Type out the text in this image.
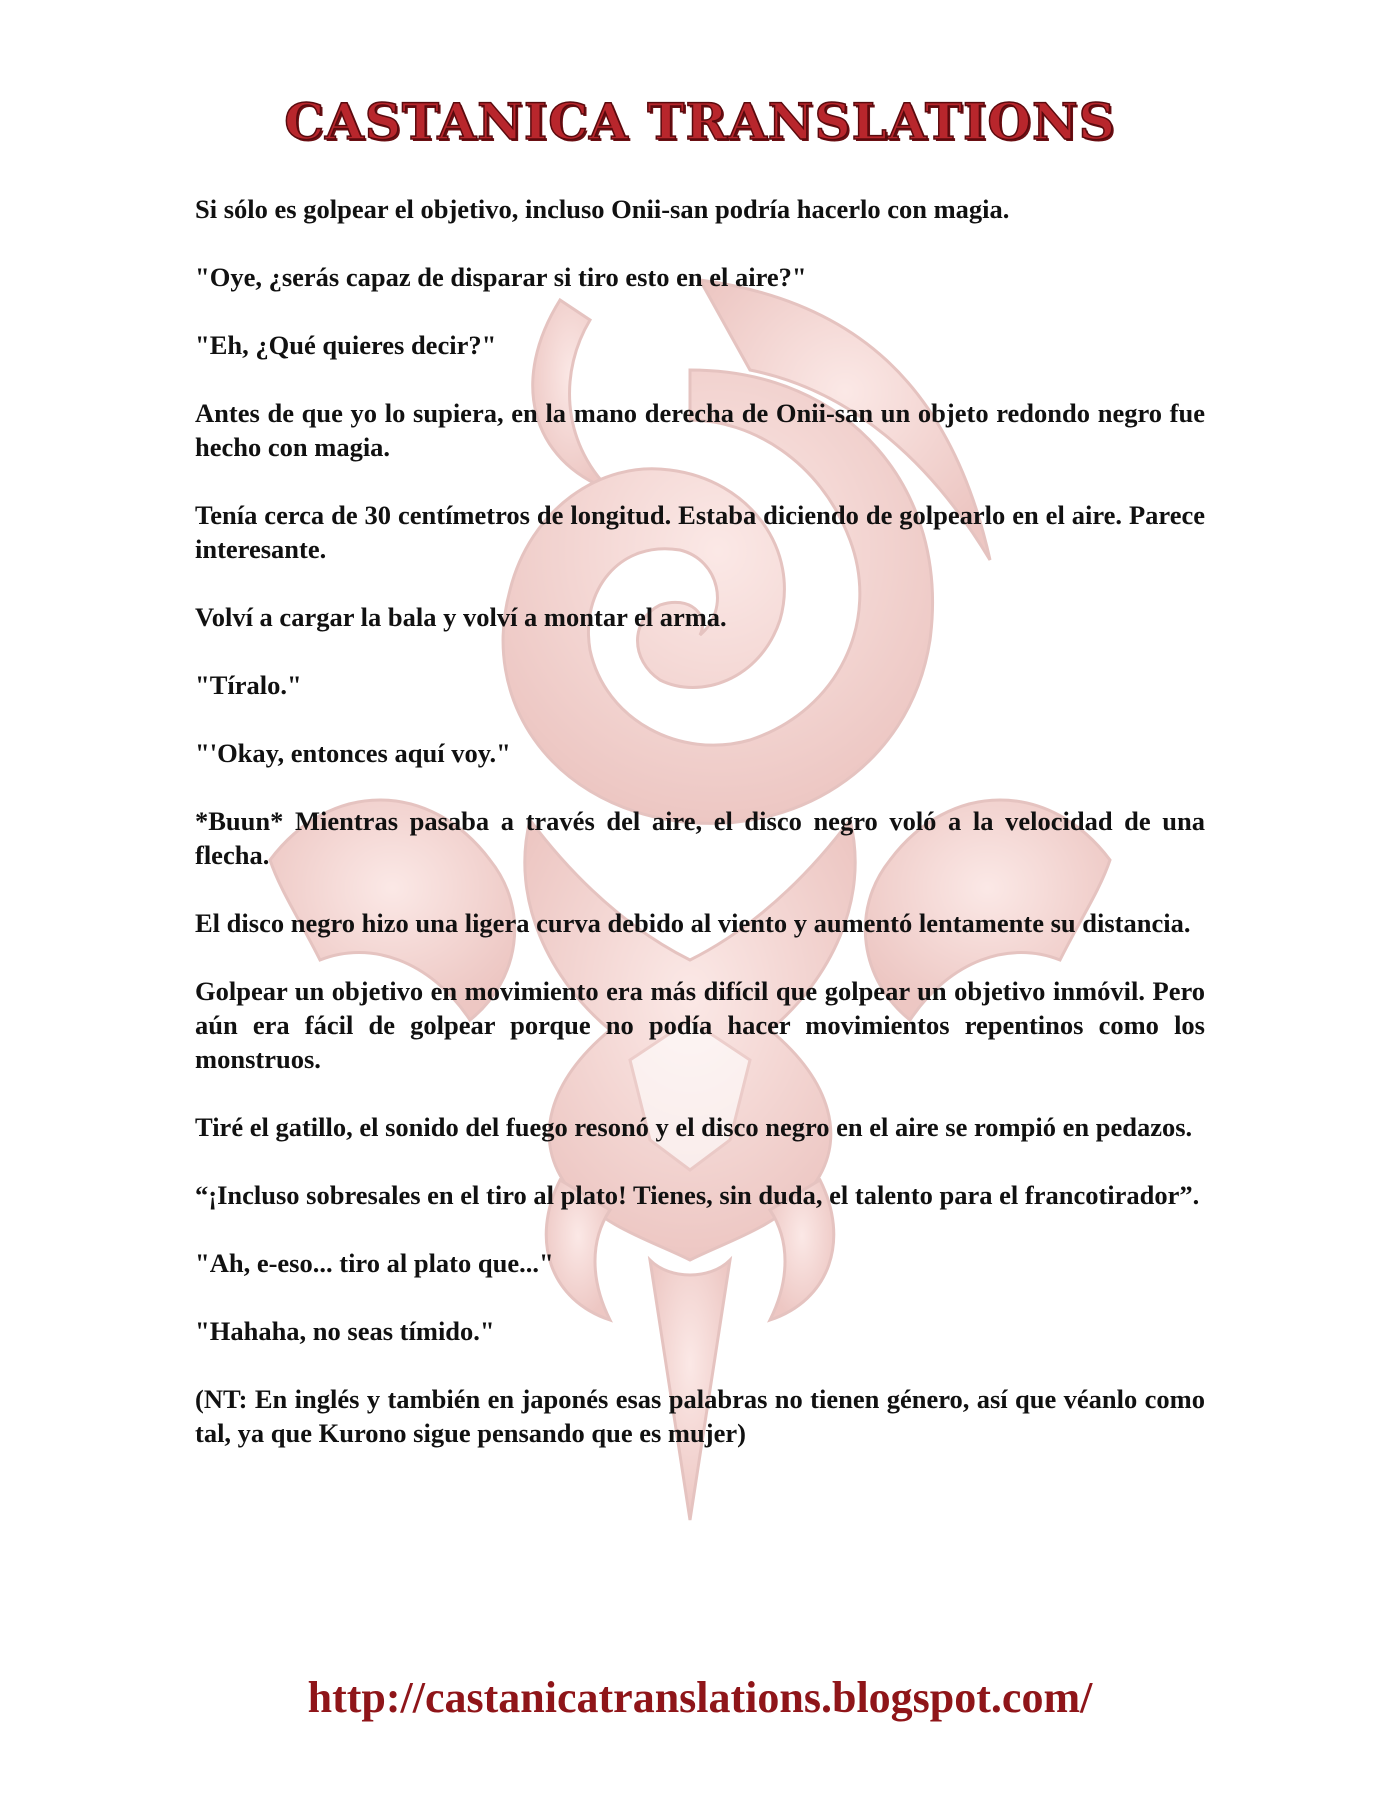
CASTANICA TRANSLATIONS

Si sólo es golpear el objetivo, incluso Onii-san podría hacerlo con magia.

"Oye, ¿serás capaz de disparar si tiro esto en el aire?"

"Eh, ¿Qué quieres decir?"

Antes de que yo lo supiera, en la mano derecha de Onii-san un objeto redondo negro fue hecho con magia.

Tenía cerca de 30 centímetros de longitud. Estaba diciendo de golpearlo en el aire. Parece interesante.

Volví a cargar la bala y volví a montar el arma.

"Tíralo."

"'Okay, entonces aquí voy."

*Buun* Mientras pasaba a través del aire, el disco negro voló a la velocidad de una flecha.

El disco negro hizo una ligera curva debido al viento y aumentó lentamente su distancia.

Golpear un objetivo en movimiento era más difícil que golpear un objetivo inmóvil. Pero aún era fácil de golpear porque no podía hacer movimientos repentinos como los monstruos.

Tiré el gatillo, el sonido del fuego resonó y el disco negro en el aire se rompió en pedazos.

“¡Incluso sobresales en el tiro al plato! Tienes, sin duda, el talento para el francotirador”.

"Ah, e-eso... tiro al plato que..."

"Hahaha, no seas tímido."

(NT: En inglés y también en japonés esas palabras no tienen género, así que véanlo como tal, ya que Kurono sigue pensando que es mujer)

http://castanicatranslations.blogspot.com/
